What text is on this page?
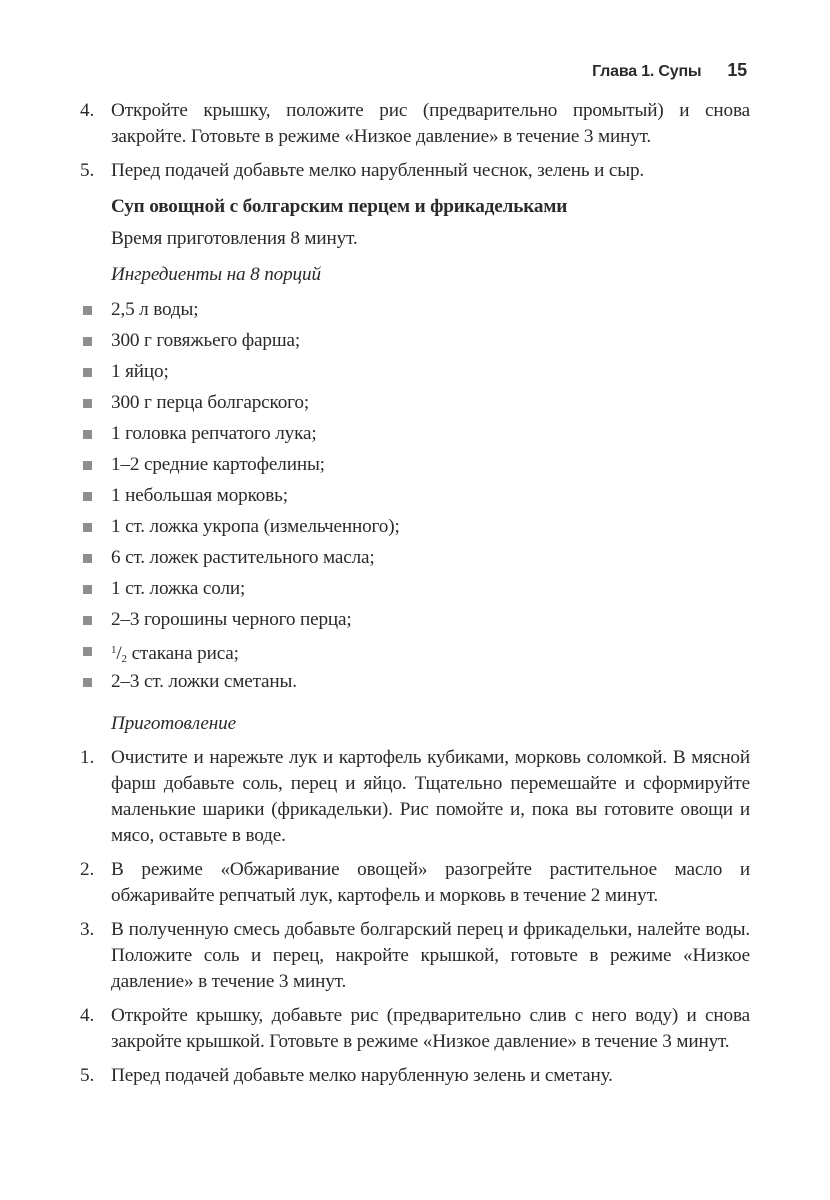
Глава 1. Супы 15
4. Откройте крышку, положите рис (предварительно промытый) и снова закройте. Готовьте в режиме «Низкое давление» в течение 3 минут.
5. Перед подачей добавьте мелко нарубленный чеснок, зелень и сыр.
Суп овощной с болгарским перцем и фрикадельками
Время приготовления 8 минут.
Ингредиенты на 8 порций
2,5 л воды;
300 г говяжьего фарша;
1 яйцо;
300 г перца болгарского;
1 головка репчатого лука;
1–2 средние картофелины;
1 небольшая морковь;
1 ст. ложка укропа (измельченного);
6 ст. ложек растительного масла;
1 ст. ложка соли;
2–3 горошины черного перца;
$^1/_2$ стакана риса;
2–3 ст. ложки сметаны.
Приготовление
1. Очистите и нарежьте лук и картофель кубиками, морковь соломкой. В мясной фарш добавьте соль, перец и яйцо. Тщательно перемешайте и сформируйте маленькие шарики (фрикадельки). Рис помойте и, пока вы готовите овощи и мясо, оставьте в воде.
2. В режиме «Обжаривание овощей» разогрейте растительное масло и обжаривайте репчатый лук, картофель и морковь в течение 2 минут.
3. В полученную смесь добавьте болгарский перец и фрикадельки, налейте воды. Положите соль и перец, накройте крышкой, готовьте в режиме «Низкое давление» в течение 3 минут.
4. Откройте крышку, добавьте рис (предварительно слив с него воду) и снова закройте крышкой. Готовьте в режиме «Низкое давление» в течение 3 минут.
5. Перед подачей добавьте мелко нарубленную зелень и сметану.
